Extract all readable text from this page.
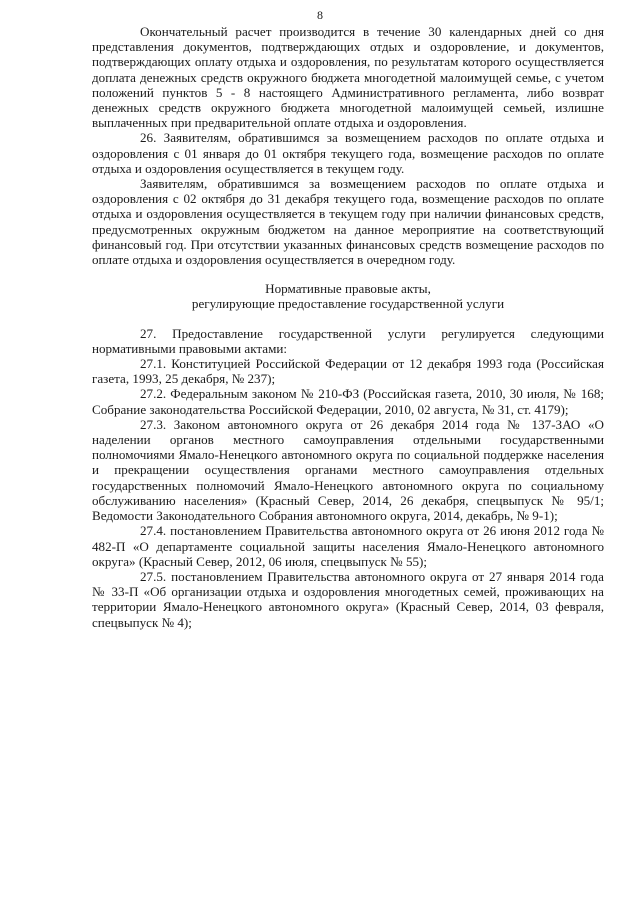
8

Окончательный расчет производится в течение 30 календарных дней со дня представления документов, подтверждающих отдых и оздоровление, и документов, подтверждающих оплату отдыха и оздоровления, по результатам которого осуществляется доплата денежных средств окружного бюджета многодетной малоимущей семье, с учетом положений пунктов 5 - 8 настоящего Административного регламента, либо возврат денежных средств окружного бюджета многодетной малоимущей семьей, излишне выплаченных при предварительной оплате отдыха и оздоровления.

26. Заявителям, обратившимся за возмещением расходов по оплате отдыха и оздоровления с 01 января до 01 октября текущего года, возмещение расходов по оплате отдыха и оздоровления осуществляется в текущем году.

Заявителям, обратившимся за возмещением расходов по оплате отдыха и оздоровления с 02 октября до 31 декабря текущего года, возмещение расходов по оплате отдыха и оздоровления осуществляется в текущем году при наличии финансовых средств, предусмотренных окружным бюджетом на данное мероприятие на соответствующий финансовый год. При отсутствии указанных финансовых средств возмещение расходов по оплате отдыха и оздоровления осуществляется в очередном году.

Нормативные правовые акты,
регулирующие предоставление государственной услуги

27. Предоставление государственной услуги регулируется следующими нормативными правовыми актами:

27.1. Конституцией Российской Федерации от 12 декабря 1993 года (Российская газета, 1993, 25 декабря, № 237);

27.2. Федеральным законом № 210-ФЗ (Российская газета, 2010, 30 июля, № 168; Собрание законодательства Российской Федерации, 2010, 02 августа, № 31, ст. 4179);

27.3. Законом автономного округа от 26 декабря 2014 года № 137-ЗАО «О наделении органов местного самоуправления отдельными государственными полномочиями Ямало-Ненецкого автономного округа по социальной поддержке населения и прекращении осуществления органами местного самоуправления отдельных государственных полномочий Ямало-Ненецкого автономного округа по социальному обслуживанию населения» (Красный Север, 2014, 26 декабря, спецвыпуск № 95/1; Ведомости Законодательного Собрания автономного округа, 2014, декабрь, № 9-1);

27.4. постановлением Правительства автономного округа от 26 июня 2012 года № 482-П «О департаменте социальной защиты населения Ямало-Ненецкого автономного округа» (Красный Север, 2012, 06 июля, спецвыпуск № 55);

27.5. постановлением Правительства автономного округа от 27 января 2014 года № 33-П «Об организации отдыха и оздоровления многодетных семей, проживающих на территории Ямало-Ненецкого автономного округа» (Красный Север, 2014, 03 февраля, спецвыпуск № 4);
